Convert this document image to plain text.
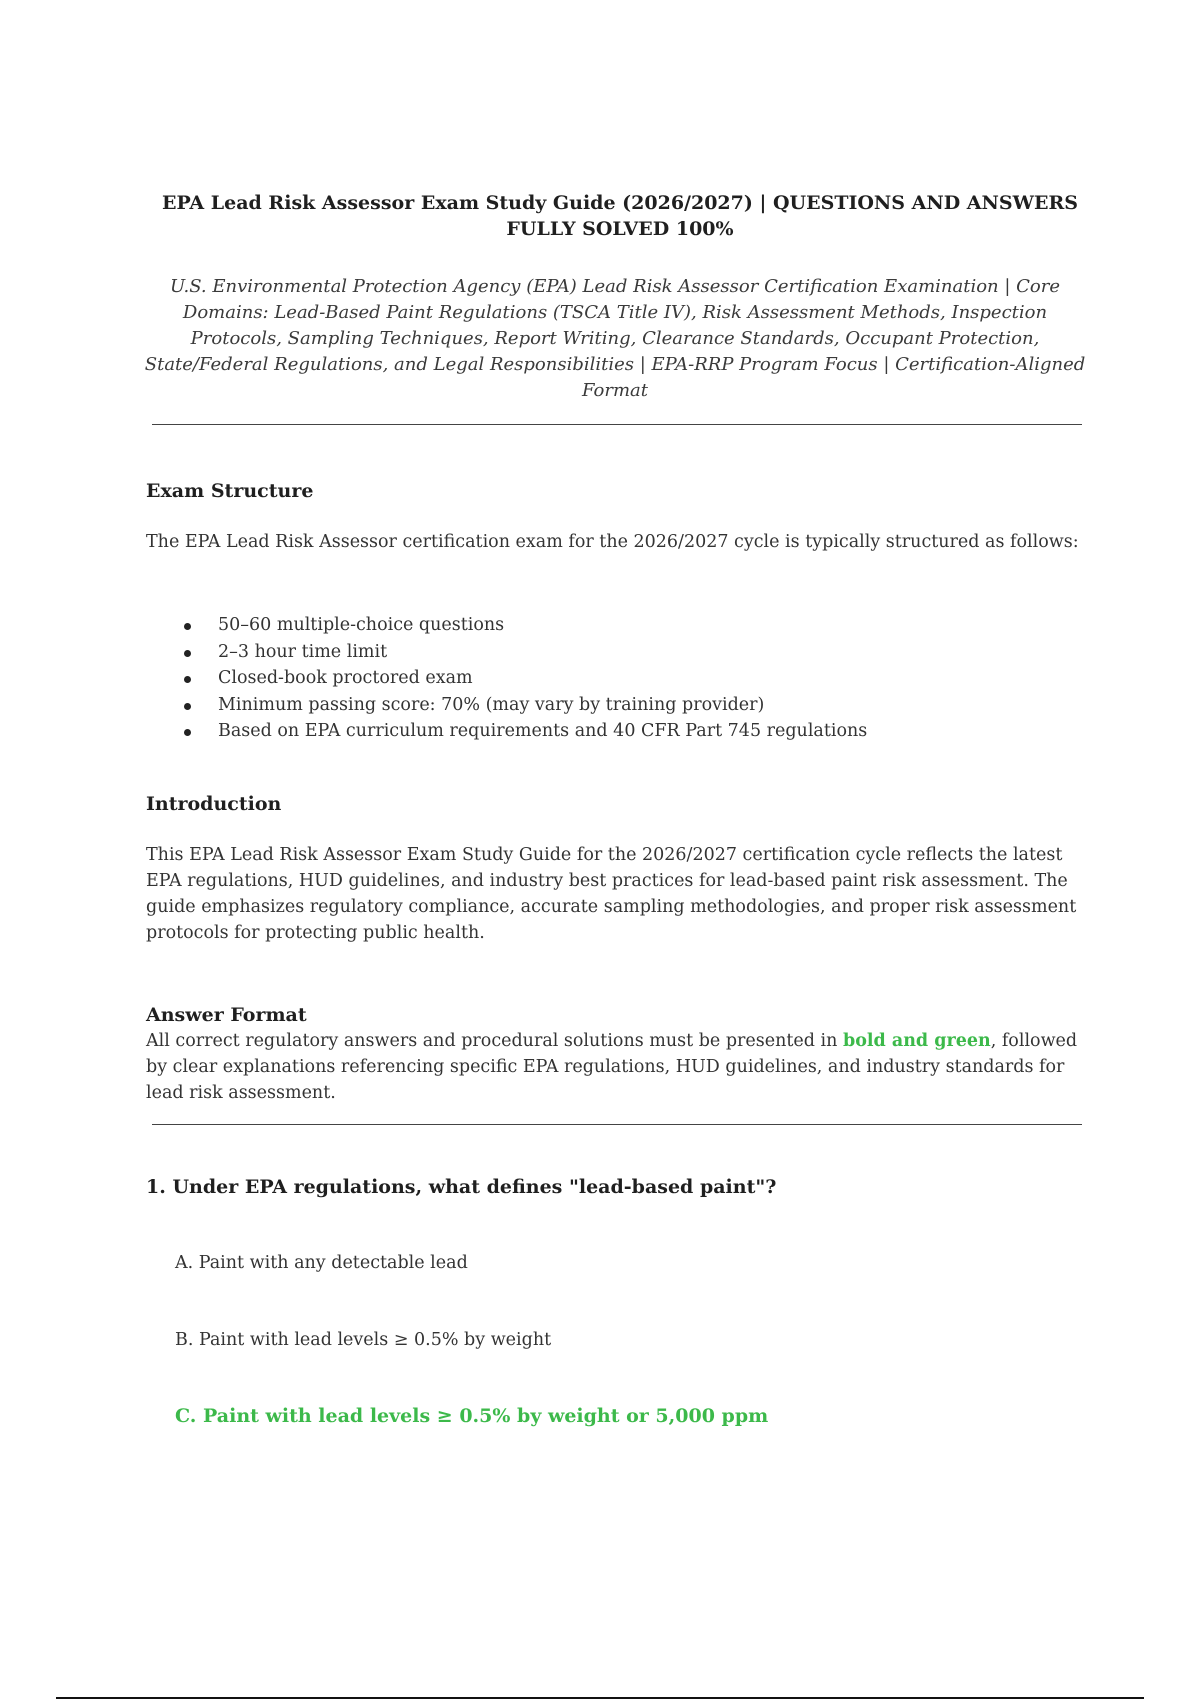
EPA Lead Risk Assessor Exam Study Guide (2026/2027) | QUESTIONS AND ANSWERS FULLY SOLVED 100%
U.S. Environmental Protection Agency (EPA) Lead Risk Assessor Certification Examination | Core Domains: Lead-Based Paint Regulations (TSCA Title IV), Risk Assessment Methods, Inspection Protocols, Sampling Techniques, Report Writing, Clearance Standards, Occupant Protection, State/Federal Regulations, and Legal Responsibilities | EPA-RRP Program Focus | Certification-Aligned Format
Exam Structure
The EPA Lead Risk Assessor certification exam for the 2026/2027 cycle is typically structured as follows:
50–60 multiple-choice questions
2–3 hour time limit
Closed-book proctored exam
Minimum passing score: 70% (may vary by training provider)
Based on EPA curriculum requirements and 40 CFR Part 745 regulations
Introduction
This EPA Lead Risk Assessor Exam Study Guide for the 2026/2027 certification cycle reflects the latest EPA regulations, HUD guidelines, and industry best practices for lead-based paint risk assessment. The guide emphasizes regulatory compliance, accurate sampling methodologies, and proper risk assessment protocols for protecting public health.
Answer Format
All correct regulatory answers and procedural solutions must be presented in bold and green, followed by clear explanations referencing specific EPA regulations, HUD guidelines, and industry standards for lead risk assessment.
1. Under EPA regulations, what defines "lead-based paint"?
A. Paint with any detectable lead
B. Paint with lead levels ≥ 0.5% by weight
C. Paint with lead levels ≥ 0.5% by weight or 5,000 ppm
